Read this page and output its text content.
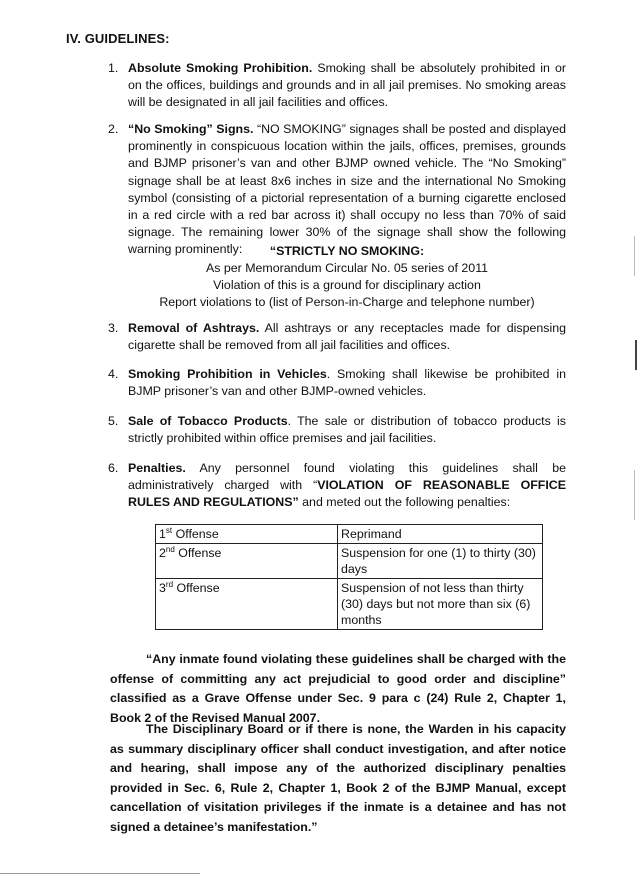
IV. GUIDELINES:
1. Absolute Smoking Prohibition. Smoking shall be absolutely prohibited in or on the offices, buildings and grounds and in all jail premises. No smoking areas will be designated in all jail facilities and offices.
2. “No Smoking” Signs. “NO SMOKING” signages shall be posted and displayed prominently in conspicuous location within the jails, offices, premises, grounds and BJMP prisoner’s van and other BJMP owned vehicle. The “No Smoking” signage shall be at least 8x6 inches in size and the international No Smoking symbol (consisting of a pictorial representation of a burning cigarette enclosed in a red circle with a red bar across it) shall occupy no less than 70% of said signage. The remaining lower 30% of the signage shall show the following warning prominently:	“STRICTLY NO SMOKING:
As per Memorandum Circular No. 05 series of 2011
Violation of this is a ground for disciplinary action
Report violations to (list of Person-in-Charge and telephone number)
3. Removal of Ashtrays. All ashtrays or any receptacles made for dispensing cigarette shall be removed from all jail facilities and offices.
4. Smoking Prohibition in Vehicles. Smoking shall likewise be prohibited in BJMP prisoner’s van and other BJMP-owned vehicles.
5. Sale of Tobacco Products. The sale or distribution of tobacco products is strictly prohibited within office premises and jail facilities.
6. Penalties. Any personnel found violating this guidelines shall be administratively charged with “VIOLATION OF REASONABLE OFFICE RULES AND REGULATIONS” and meted out the following penalties:
1st Offense	Reprimand
2nd Offense	Suspension for one (1) to thirty (30) days
3rd Offense	Suspension of not less than thirty (30) days but not more than six (6) months
“Any inmate found violating these guidelines shall be charged with the offense of committing any act prejudicial to good order and discipline” classified as a Grave Offense under Sec. 9 para c (24) Rule 2, Chapter 1, Book 2 of the Revised Manual 2007.
The Disciplinary Board or if there is none, the Warden in his capacity as summary disciplinary officer shall conduct investigation, and after notice and hearing, shall impose any of the authorized disciplinary penalties provided in Sec. 6, Rule 2, Chapter 1, Book 2 of the BJMP Manual, except cancellation of visitation privileges if the inmate is a detainee and has not signed a detainee’s manifestation.”
